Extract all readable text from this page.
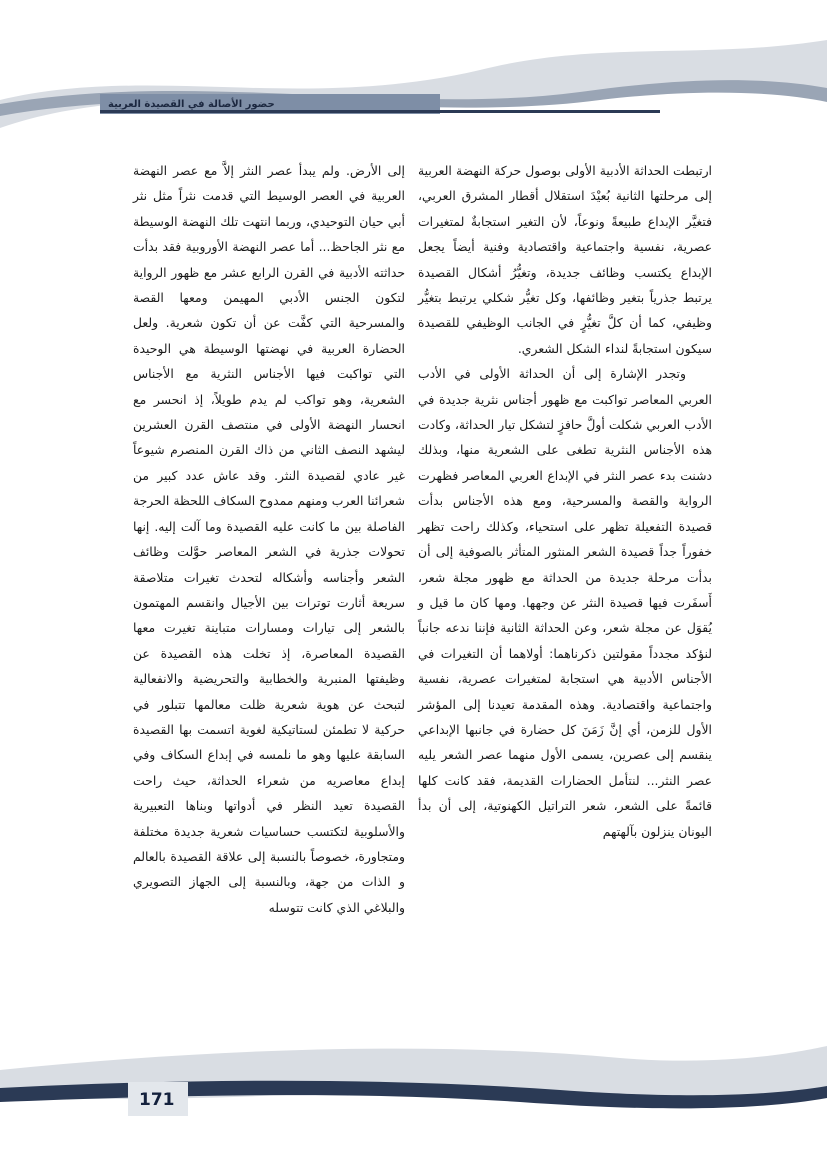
حضور الأصالة في القصيدة العربية

ارتبطت الحداثة الأدبية الأولى بوصول حركة النهضة العربية إلى مرحلتها الثانية بُعيْدَ استقلال أقطار المشرق العربي، فتغيَّر الإبداع طبيعةً ونوعاً، لأن التغير استجابةٌ لمتغيرات عصرية، نفسية واجتماعية واقتصادية وفنية أيضاً يجعل الإبداع يكتسب وظائف جديدة، وتغيُّرُ أشكال القصيدة يرتبط جذرياً بتغير وظائفها، وكل تغيُّر شكلي يرتبط بتغيُّر وظيفي، كما أن كلَّ تغيُّرٍ في الجانب الوظيفي للقصيدة سيكون استجابةً لنداء الشكل الشعري.

وتجدر الإشارة إلى أن الحداثة الأولى في الأدب العربي المعاصر تواكبت مع ظهور أجناس نثرية جديدة في الأدب العربي شكلت أولَّ حافزٍ لتشكل تيار الحداثة، وكادت هذه الأجناس النثرية تطغى على الشعرية منها، وبذلك دشنت بدء عصر النثر في الإبداع العربي المعاصر فظهرت الرواية والقصة والمسرحية، ومع هذه الأجناس بدأت قصيدة التفعيلة تظهر على استحياء، وكذلك راحت تظهر خفوراً جداً قصيدة الشعر المنثور المتأثر بالصوفية إلى أن بدأت مرحلة جديدة من الحداثة مع ظهور مجلة شعر، أَسفَرت فيها قصيدة النثر عن وجهها. ومها كان ما قيل و يُقوَل عن مجلة شعر، وعن الحداثة الثانية فإننا ندعه جانباً لنؤكد مجدداً مقولتين ذكرناهما: أولاهما أن التغيرات في الأجناس الأدبية هي استجابة لمتغيرات عصرية، نفسية واجتماعية واقتصادية. وهذه المقدمة تعيدنا إلى المؤشر الأول للزمن، أي إنَّ زَمَنَ كل حضارة في جانبها الإبداعي ينقسم إلى عصرين، يسمى الأول منهما عصر الشعر يليه عصر النثر... لنتأمل الحضارات القديمة، فقد كانت كلها قائمةً على الشعر، شعر التراتيل الكهنوتية، إلى أن بدأ اليونان ينزلون بآلهتهم

إلى الأرض. ولم يبدأ عصر النثر إلاَّ مع عصر النهضة العربية في العصر الوسيط التي قدمت نثراً مثل نثر أبي حيان التوحيدي، وربما انتهت تلك النهضة الوسيطة مع نثر الجاحظ... أما عصر النهضة الأوروبية فقد بدأت حداثته الأدبية في القرن الرابع عشر مع ظهور الرواية لتكون الجنس الأدبي المهيمن ومعها القصة والمسرحية التي كفَّت عن أن تكون شعرية. ولعل الحضارة العربية في نهضتها الوسيطة هي الوحيدة التي تواكبت فيها الأجناس النثرية مع الأجناس الشعرية، وهو تواكب لم يدم طويلاً، إذ انحسر مع انحسار النهضة الأولى في منتصف القرن العشرين ليشهد النصف الثاني من ذاك القرن المنصرم شيوعاً غير عادي لقصيدة النثر. وقد عاش عدد كبير من شعرائنا العرب ومنهم ممدوح السكاف اللحظة الحرجة الفاصلة بين ما كانت عليه القصيدة وما آلت إليه. إنها تحولات جذرية في الشعر المعاصر حوَّلت وظائف الشعر وأجناسه وأشكاله لتحدث تغيرات متلاصقة سريعة أثارت توترات بين الأجيال وانقسم المهتمون بالشعر إلى تيارات ومسارات متباينة تغيرت معها القصيدة المعاصرة، إذ تخلت هذه القصيدة عن وظيفتها المنبرية والخطابية والتحريضية والانفعالية لتبحث عن هوية شعرية ظلت معالمها تتبلور في حركية لا تطمئن لستاتيكية لغوية اتسمت بها القصيدة السابقة عليها وهو ما نلمسه في إبداع السكاف وفي إبداع معاصريه من شعراء الحداثة، حيث راحت القصيدة تعيد النظر في أدواتها وبناها التعبيرية والأسلوبية لتكتسب حساسيات شعرية جديدة مختلفة ومتجاورة، خصوصاً بالنسبة إلى علاقة القصيدة بالعالم و الذات من جهة، وبالنسبة إلى الجهاز التصويري والبلاغي الذي كانت تتوسله

171
